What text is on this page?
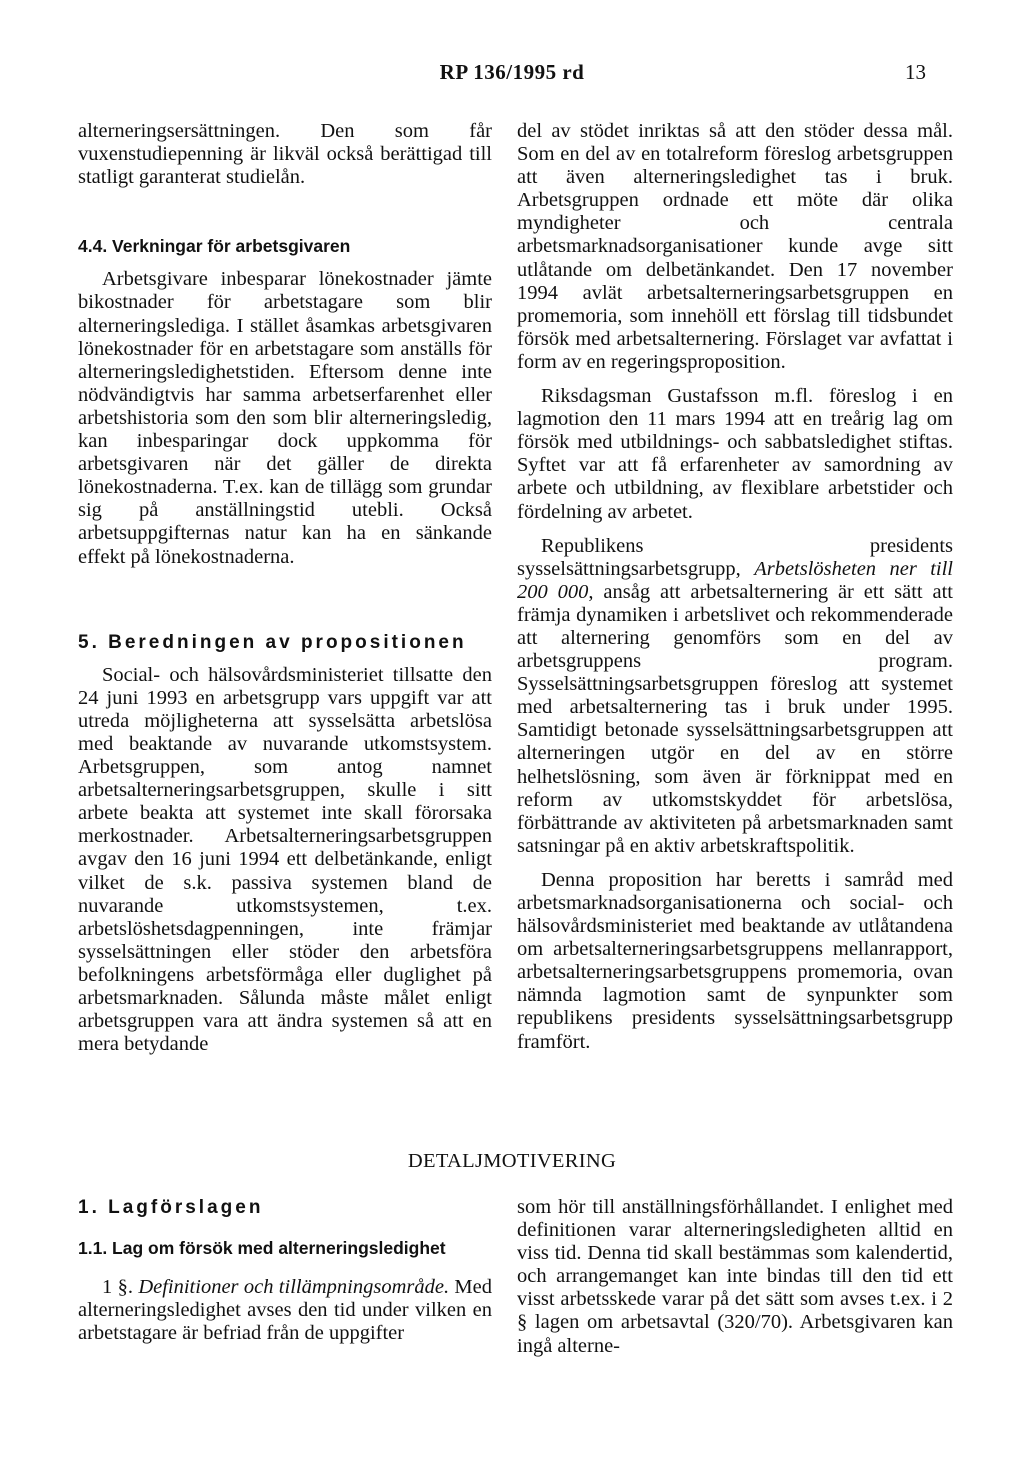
RP 136/1995 rd	13

alterneringsersättningen. Den som får vuxenstudiepenning är likväl också berättigad till statligt garanterat studielån.

4.4. Verkningar för arbetsgivaren

Arbetsgivare inbesparar lönekostnader jämte bikostnader för arbetstagare som blir alterneringslediga. I stället åsamkas arbetsgivaren lönekostnader för en arbetstagare som anställs för alterneringsledighetstiden. Eftersom denne inte nödvändigtvis har samma arbetserfarenhet eller arbetshistoria som den som blir alterneringsledig, kan inbesparingar dock uppkomma för arbetsgivaren när det gäller de direkta lönekostnaderna. T.ex. kan de tillägg som grundar sig på anställningstid utebli. Också arbetsuppgifternas natur kan ha en sänkande effekt på lönekostnaderna.

5. Beredningen av propositionen

Social- och hälsovårdsministeriet tillsatte den 24 juni 1993 en arbetsgrupp vars uppgift var att utreda möjligheterna att sysselsätta arbetslösa med beaktande av nuvarande utkomstsystem. Arbetsgruppen, som antog namnet arbetsalterneringsarbetsgruppen, skulle i sitt arbete beakta att systemet inte skall förorsaka merkostnader. Arbetsalterneringsarbetsgruppen avgav den 16 juni 1994 ett delbetänkande, enligt vilket de s.k. passiva systemen bland de nuvarande utkomstsystemen, t.ex. arbetslöshetsdagpenningen, inte främjar sysselsättningen eller stöder den arbetsföra befolkningens arbetsförmåga eller duglighet på arbetsmarknaden. Sålunda måste målet enligt arbetsgruppen vara att ändra systemen så att en mera betydande

del av stödet inriktas så att den stöder dessa mål. Som en del av en totalreform föreslog arbetsgruppen att även alterneringsledighet tas i bruk. Arbetsgruppen ordnade ett möte där olika myndigheter och centrala arbetsmarknadsorganisationer kunde avge sitt utlåtande om delbetänkandet. Den 17 november 1994 avlät arbetsalterneringsarbetsgruppen en promemoria, som innehöll ett förslag till tidsbundet försök med arbetsalternering. Förslaget var avfattat i form av en regeringsproposition.

Riksdagsman Gustafsson m.fl. föreslog i en lagmotion den 11 mars 1994 att en treårig lag om försök med utbildnings- och sabbatsledighet stiftas. Syftet var att få erfarenheter av samordning av arbete och utbildning, av flexiblare arbetstider och fördelning av arbetet.

Republikens presidents sysselsättningsarbetsgrupp, Arbetslösheten ner till 200 000, ansåg att arbetsalternering är ett sätt att främja dynamiken i arbetslivet och rekommenderade att alternering genomförs som en del av arbetsgruppens program. Sysselsättningsarbetsgruppen föreslog att systemet med arbetsalternering tas i bruk under 1995. Samtidigt betonade sysselsättningsarbetsgruppen att alterneringen utgör en del av en större helhetslösning, som även är förknippat med en reform av utkomstskyddet för arbetslösa, förbättrande av aktiviteten på arbetsmarknaden samt satsningar på en aktiv arbetskraftspolitik.

Denna proposition har beretts i samråd med arbetsmarknadsorganisationerna och social- och hälsovårdsministeriet med beaktande av utlåtandena om arbetsalterneringsarbetsgruppens mellanrapport, arbetsalterneringsarbetsgruppens promemoria, ovan nämnda lagmotion samt de synpunkter som republikens presidents sysselsättningsarbetsgrupp framfört.

DETALJMOTIVERING
1. Lagförslagen
1.1. Lag om försök med alterneringsledighet

1 §. Definitioner och tillämpningsområde. Med alterneringsledighet avses den tid under vilken en arbetstagare är befriad från de uppgifter

som hör till anställningsförhållandet. I enlighet med definitionen varar alterneringsledigheten alltid en viss tid. Denna tid skall bestämmas som kalendertid, och arrangemanget kan inte bindas till den tid ett visst arbetsskede varar på det sätt som avses t.ex. i 2 § lagen om arbetsavtal (320/70). Arbetsgivaren kan ingå alterne-
